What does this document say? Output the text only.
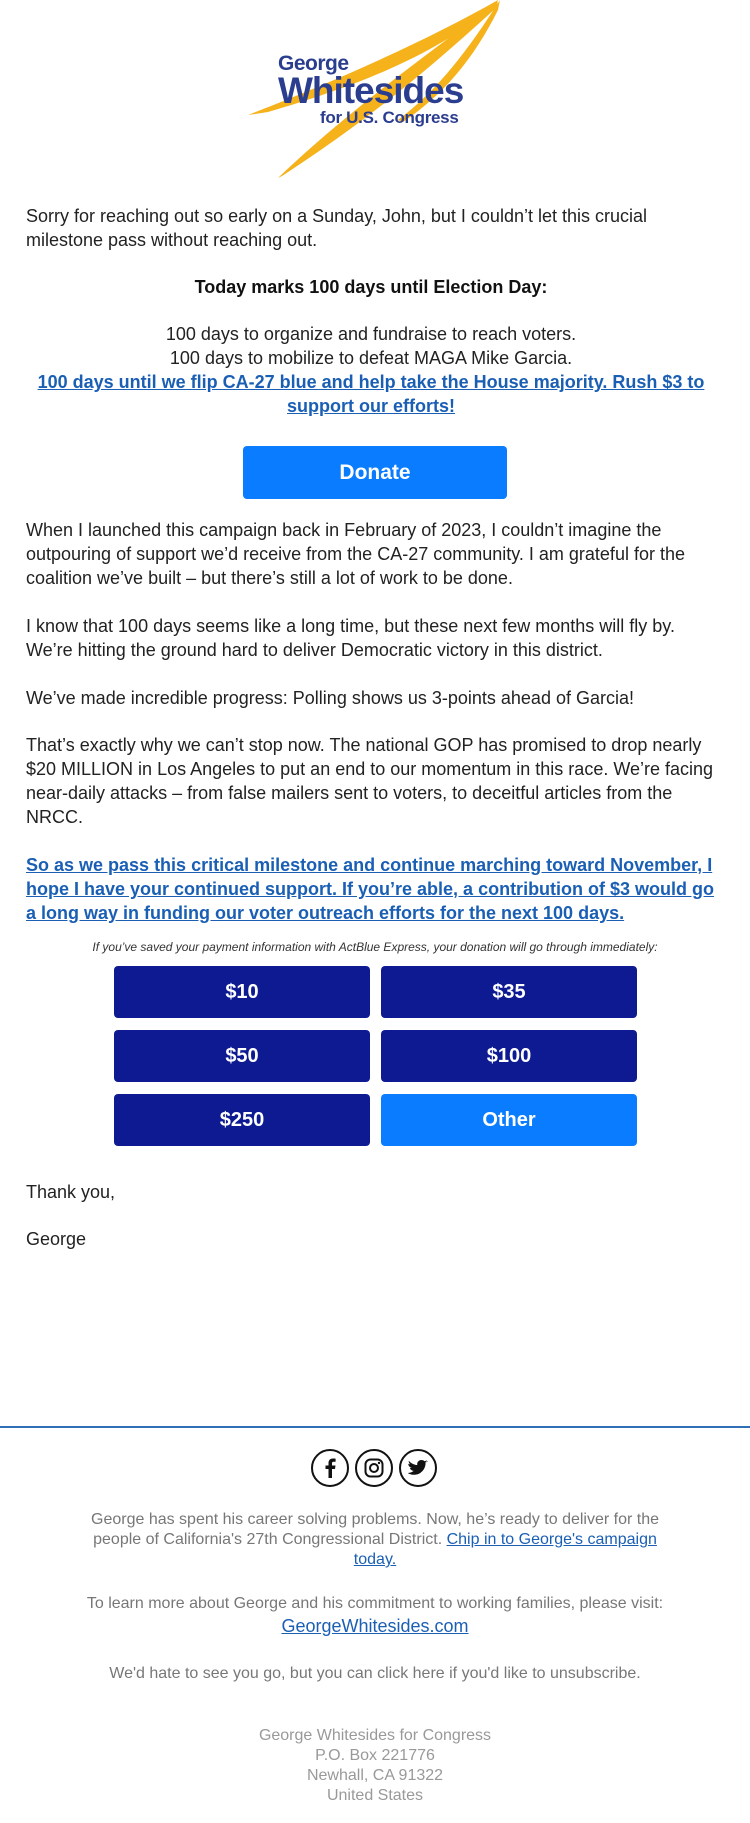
George
Whitesides
for U.S. Congress

Sorry for reaching out so early on a Sunday, John, but I couldn’t let this crucial milestone pass without reaching out.

Today marks 100 days until Election Day:

100 days to organize and fundraise to reach voters.

100 days to mobilize to defeat MAGA Mike Garcia.

100 days until we flip CA-27 blue and help take the House majority. Rush $3 to support our efforts!

Donate
When I launched this campaign back in February of 2023, I couldn’t imagine the outpouring of support we’d receive from the CA-27 community. I am grateful for the coalition we’ve built – but there’s still a lot of work to be done.
I know that 100 days seems like a long time, but these next few months will fly by. We’re hitting the ground hard to deliver Democratic victory in this district.
We’ve made incredible progress: Polling shows us 3-points ahead of Garcia!
That’s exactly why we can’t stop now. The national GOP has promised to drop nearly $20 MILLION in Los Angeles to put an end to our momentum in this race. We’re facing near-daily attacks – from false mailers sent to voters, to deceitful articles from the NRCC.
So as we pass this critical milestone and continue marching toward November, I hope I have your continued support. If you’re able, a contribution of $3 would go a long way in funding our voter outreach efforts for the next 100 days.
If you’ve saved your payment information with ActBlue Express, your donation will go through immediately:
$10	$35
$50	$100
$250	Other
Thank you,
George
George has spent his career solving problems. Now, he’s ready to deliver for the people of California's 27th Congressional District. Chip in to George's campaign today.
To learn more about George and his commitment to working families, please visit:
GeorgeWhitesides.com
We'd hate to see you go, but you can click here if you'd like to unsubscribe.
George Whitesides for Congress
P.O. Box 221776
Newhall, CA 91322
United States
